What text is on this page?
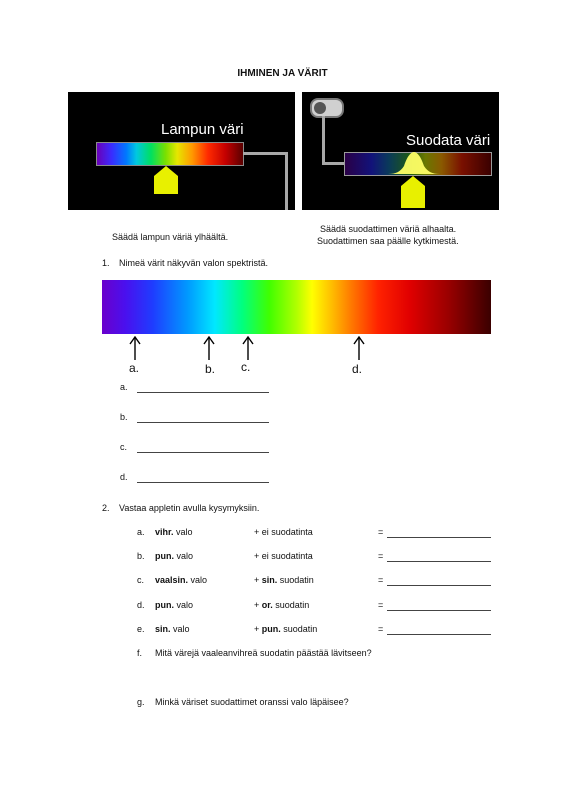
IHMINEN JA VÄRIT
Lampun väri
Suodata väri
Säädä lampun väriä ylhäältä.
Säädä suodattimen väriä alhaalta.
Suodattimen saa päälle kytkimestä.
1. Nimeä värit näkyvän valon spektristä.
a.	b. c.	d.
a.
b.
c.
d.
2. Vastaa appletin avulla kysymyksiin.
a. vihr. valo	+ ei suodatinta	=
b. pun. valo	+ ei suodatinta	=
c. vaalsin. valo	+ sin. suodatin	=
d. pun. valo	+ or. suodatin	=
e. sin. valo	+ pun. suodatin	=
f. Mitä värejä vaaleanvihreä suodatin päästää lävitseen?
g. Minkä väriset suodattimet oranssi valo läpäisee?
